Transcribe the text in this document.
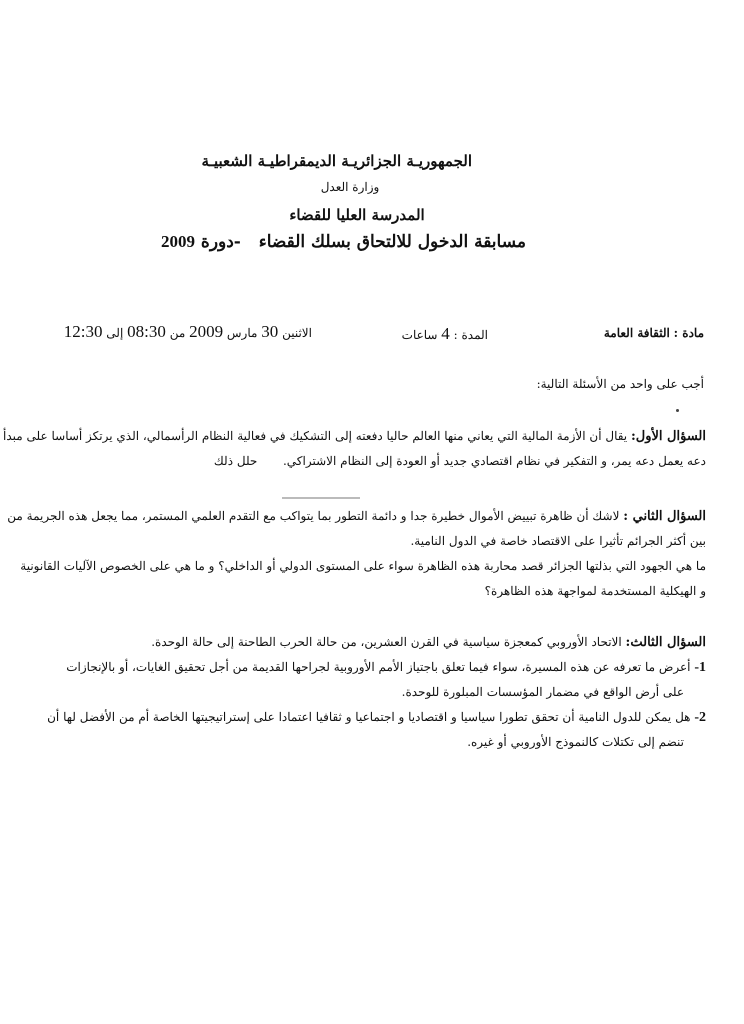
الجمهوريـة الجزائريـة الديمقراطيـة الشعبيـة
وزارة العدل
المدرسة العليا للقضاء
مسابقة الدخول للالتحاق بسلك القضاء  -دورة 2009
مادة : الثقافة العامة
المدة : 4 ساعات
الاثنين 30 مارس 2009 من 08:30 إلى 12:30
أجب على واحد من الأسئلة التالية:
السؤال الأول: يقال أن الأزمة المالية التي يعاني منها العالم حاليا دفعته إلى التشكيك في فعالية النظام الرأسمالي، الذي يرتكز أساسا على مبدأ
دعه يعمل دعه يمر، و التفكير في نظام اقتصادي جديد أو العودة إلى النظام الاشتراكي.  حلل ذلك
السؤال الثاني : لاشك أن ظاهرة تبييض الأموال خطيرة جدا و دائمة التطور بما يتواكب مع التقدم العلمي المستمر، مما يجعل هذه الجريمة من
بين أكثر الجرائم تأثيرا على الاقتصاد خاصة في الدول النامية.
ما هي الجهود التي بذلتها الجزائر قصد محاربة هذه الظاهرة سواء على المستوى الدولي أو الداخلي؟ و ما هي على الخصوص الآليات القانونية
و الهيكلية المستخدمة لمواجهة هذه الظاهرة؟
السؤال الثالث: الاتحاد الأوروبي كمعجزة سياسية في القرن العشرين، من حالة الحرب الطاحنة إلى حالة الوحدة.
1- أعرض ما تعرفه عن هذه المسيرة، سواء فيما تعلق باجتياز الأمم الأوروبية لجراحها القديمة من أجل تحقيق الغايات، أو بالإنجازات
على أرض الواقع في مضمار المؤسسات المبلورة للوحدة.
2- هل يمكن للدول النامية أن تحقق تطورا سياسيا و اقتصاديا و اجتماعيا و ثقافيا اعتمادا على إستراتيجيتها الخاصة أم من الأفضل لها أن
تنضم إلى تكتلات كالنموذج الأوروبي أو غيره.
